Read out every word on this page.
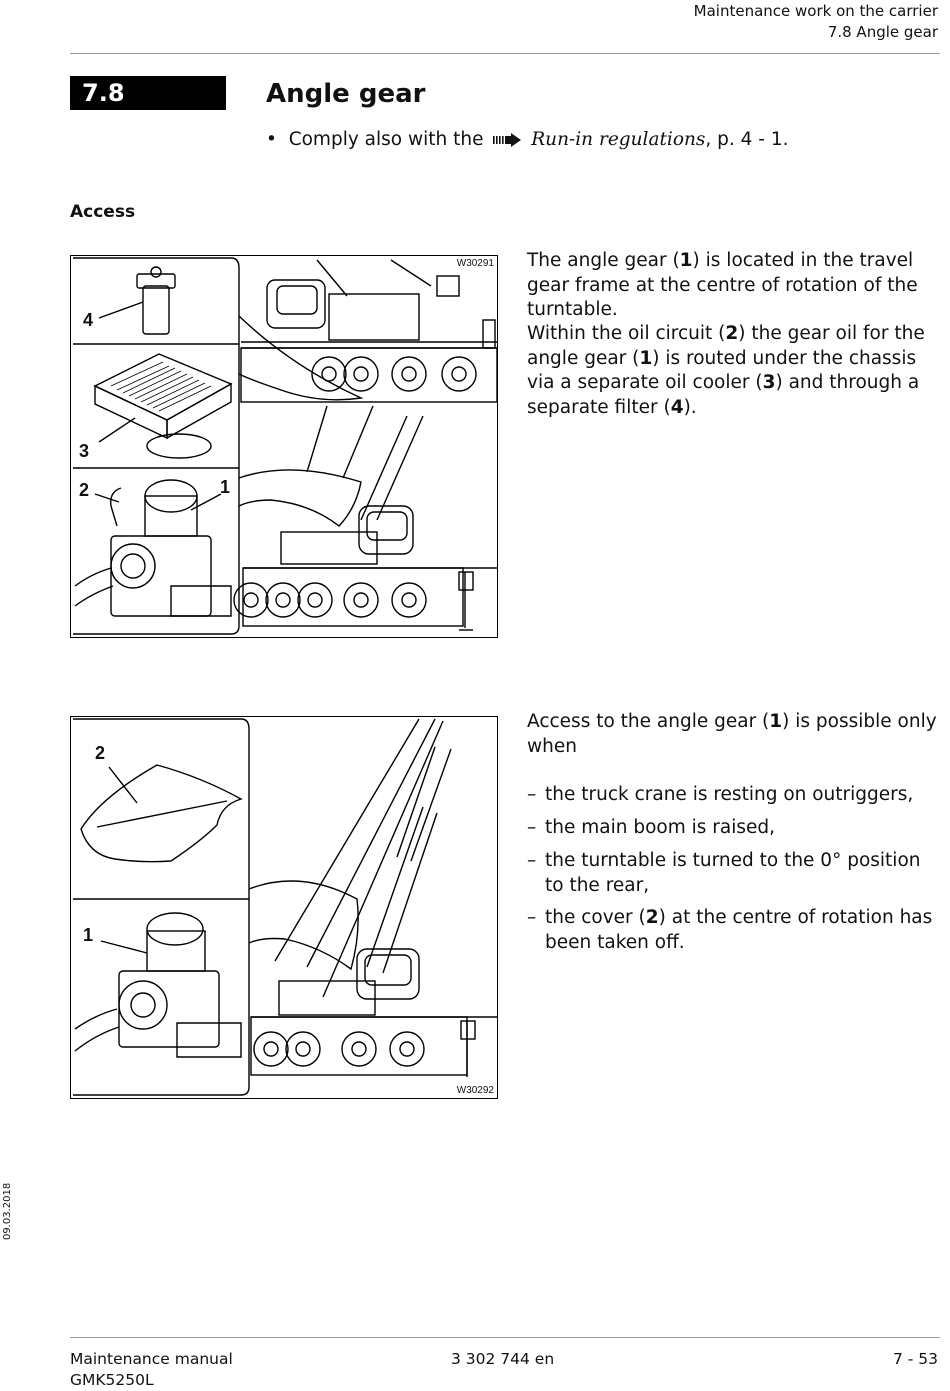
Maintenance work on the carrier
7.8 Angle gear
7.8	Angle gear
• Comply also with the	Run-in regulations, p. 4 - 1.
Access
W30291
4
3
2	1
The angle gear (1) is located in the travel gear frame at the centre of rotation of the turntable.
Within the oil circuit (2) the gear oil for the angle gear (1) is routed under the chassis via a separate oil cooler (3) and through a separate filter (4).
2
1
W30292
Access to the angle gear (1) is possible only when
– the truck crane is resting on outriggers,
– the main boom is raised,
– the turntable is turned to the 0° position to the rear,
– the cover (2) at the centre of rotation has been taken off.
09.03.2018
Maintenance manual
GMK5250L
3 302 744 en	7 - 53
